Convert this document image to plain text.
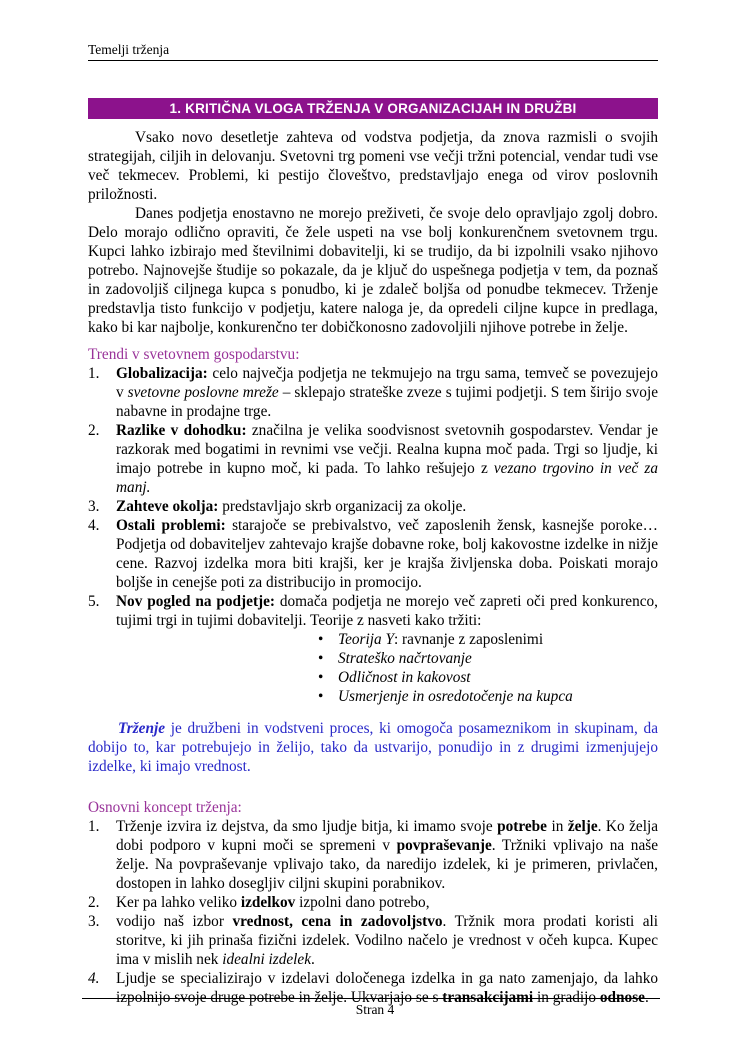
Temelji trženja
1. KRITIČNA VLOGA TRŽENJA V ORGANIZACIJAH IN DRUŽBI

Vsako novo desetletje zahteva od vodstva podjetja, da znova razmisli o svojih strategijah, ciljih in delovanju. Svetovni trg pomeni vse večji tržni potencial, vendar tudi vse več tekmecev. Problemi, ki pestijo človeštvo, predstavljajo enega od virov poslovnih priložnosti.

Danes podjetja enostavno ne morejo preživeti, če svoje delo opravljajo zgolj dobro. Delo morajo odlično opraviti, če žele uspeti na vse bolj konkurenčnem svetovnem trgu. Kupci lahko izbirajo med številnimi dobavitelji, ki se trudijo, da bi izpolnili vsako njihovo potrebo. Najnovejše študije so pokazale, da je ključ do uspešnega podjetja v tem, da poznaš in zadovoljiš ciljnega kupca s ponudbo, ki je zdaleč boljša od ponudbe tekmecev. Trženje predstavlja tisto funkcijo v podjetju, katere naloga je, da opredeli ciljne kupce in predlaga, kako bi kar najbolje, konkurenčno ter dobičkonosno zadovoljili njihove potrebe in želje.

Trendi v svetovnem gospodarstvu:
1. Globalizacija: celo največja podjetja ne tekmujejo na trgu sama, temveč se povezujejo v svetovne poslovne mreže – sklepajo strateške zveze s tujimi podjetji. S tem širijo svoje nabavne in prodajne trge.
2. Razlike v dohodku: značilna je velika soodvisnost svetovnih gospodarstev. Vendar je razkorak med bogatimi in revnimi vse večji. Realna kupna moč pada. Trgi so ljudje, ki imajo potrebe in kupno moč, ki pada. To lahko rešujejo z vezano trgovino in več za manj.
3. Zahteve okolja: predstavljajo skrb organizacij za okolje.
4. Ostali problemi: starajoče se prebivalstvo, več zaposlenih žensk, kasnejše poroke…Podjetja od dobaviteljev zahtevajo krajše dobavne roke, bolj kakovostne izdelke in nižje cene. Razvoj izdelka mora biti krajši, ker je krajša življenska doba. Poiskati morajo boljše in cenejše poti za distribucijo in promocijo.
5. Nov pogled na podjetje: domača podjetja ne morejo več zapreti oči pred konkurenco, tujimi trgi in tujimi dobavitelji. Teorije z nasveti kako tržiti:
• Teorija Y: ravnanje z zaposlenimi
• Strateško načrtovanje
• Odličnost in kakovost
• Usmerjenje in osredotočenje na kupca

Trženje je družbeni in vodstveni proces, ki omogoča posameznikom in skupinam, da dobijo to, kar potrebujejo in želijo, tako da ustvarijo, ponudijo in z drugimi izmenjujejo izdelke, ki imajo vrednost.

Osnovni koncept trženja:
1. Trženje izvira iz dejstva, da smo ljudje bitja, ki imamo svoje potrebe in želje. Ko želja dobi podporo v kupni moči se spremeni v povpraševanje. Tržniki vplivajo na naše želje. Na povpraševanje vplivajo tako, da naredijo izdelek, ki je primeren, privlačen, dostopen in lahko dosegljiv ciljni skupini porabnikov.
2. Ker pa lahko veliko izdelkov izpolni dano potrebo,
3. vodijo naš izbor vrednost, cena in zadovoljstvo. Tržnik mora prodati koristi ali storitve, ki jih prinaša fizični izdelek. Vodilno načelo je vrednost v očeh kupca. Kupec ima v mislih nek idealni izdelek.
4. Ljudje se specializirajo v izdelavi določenega izdelka in ga nato zamenjajo, da lahko izpolnijo svoje druge potrebe in želje. Ukvarjajo se s transakcijami in gradijo odnose.
Stran 4
